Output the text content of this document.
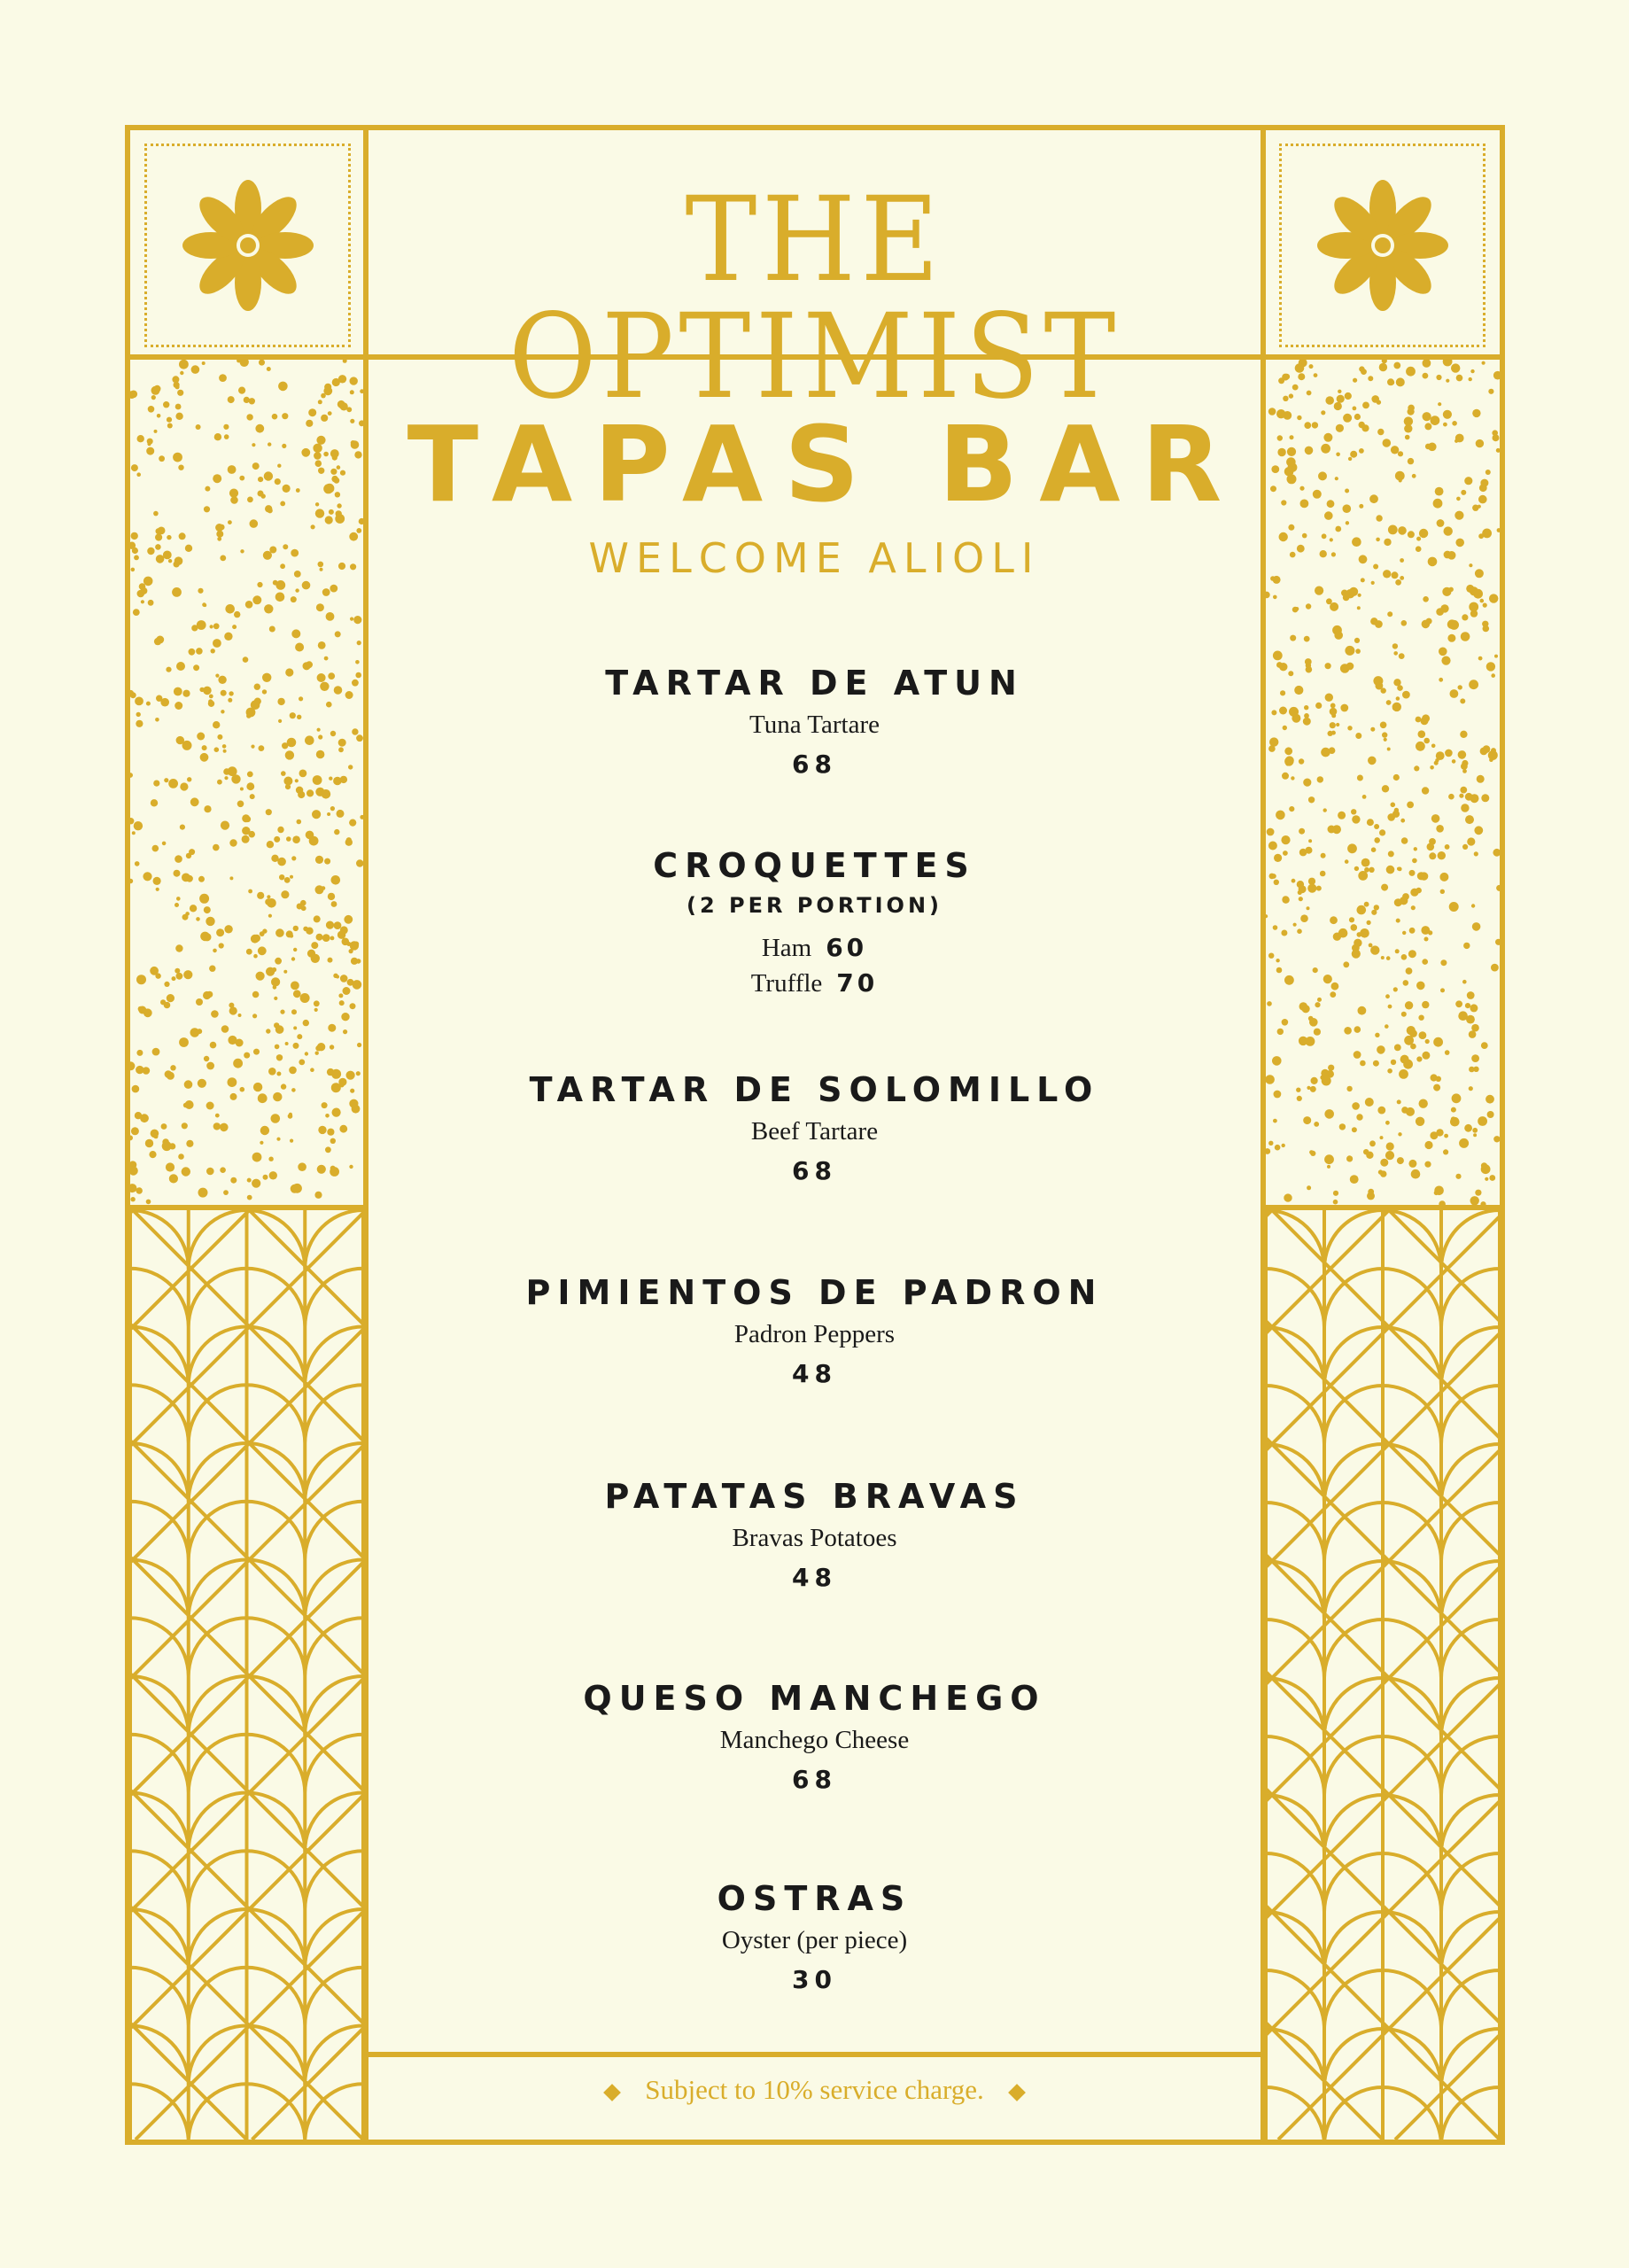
THE OPTIMIST
TAPAS BAR
WELCOME ALIOLI
TARTAR DE ATUN
Tuna Tartare
68
CROQUETTES
(2 PER PORTION)
Ham 60
Truffle 70
TARTAR DE SOLOMILLO
Beef Tartare
68
PIMIENTOS DE PADRON
Padron Peppers
48
PATATAS BRAVAS
Bravas Potatoes
48
QUESO MANCHEGO
Manchego Cheese
68
OSTRAS
Oyster (per piece)
30
Subject to 10% service charge.
